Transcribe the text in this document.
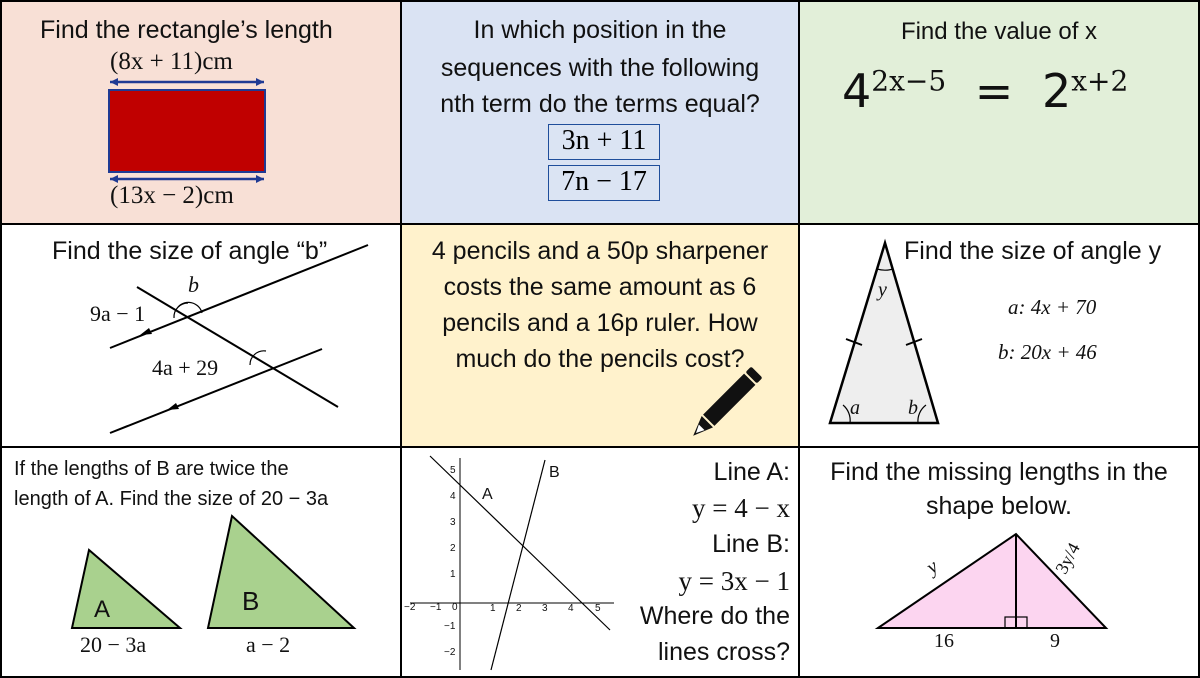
Find the rectangle’s length
(8x + 11)cm
(13x − 2)cm
In which position in the
sequences with the following
nth term do the terms equal?
3n + 11
7n − 17
Find the value of x
$4^{2x-5} = 2^{x+2}$
Find the size of angle “b”
b
9a − 1
4a + 29
4 pencils and a 50p sharpener
costs the same amount as 6
pencils and a 16p ruler. How
much do the pencils cost?
Find the size of angle y
y
a b
a: 4x + 70
b: 20x + 46
If the lengths of B are twice the
length of A. Find the size of 20 − 3a
A	B
20 − 3a	a − 2
A
B
−2 −1 0	1 2 3 4 5
5
4
3
2
1
−1
−2
Line A:
y = 4 − x
Line B:
y = 3x − 1
Where do the
lines cross?
Find the missing lengths in the
shape below.
y	3y/4
16	9
